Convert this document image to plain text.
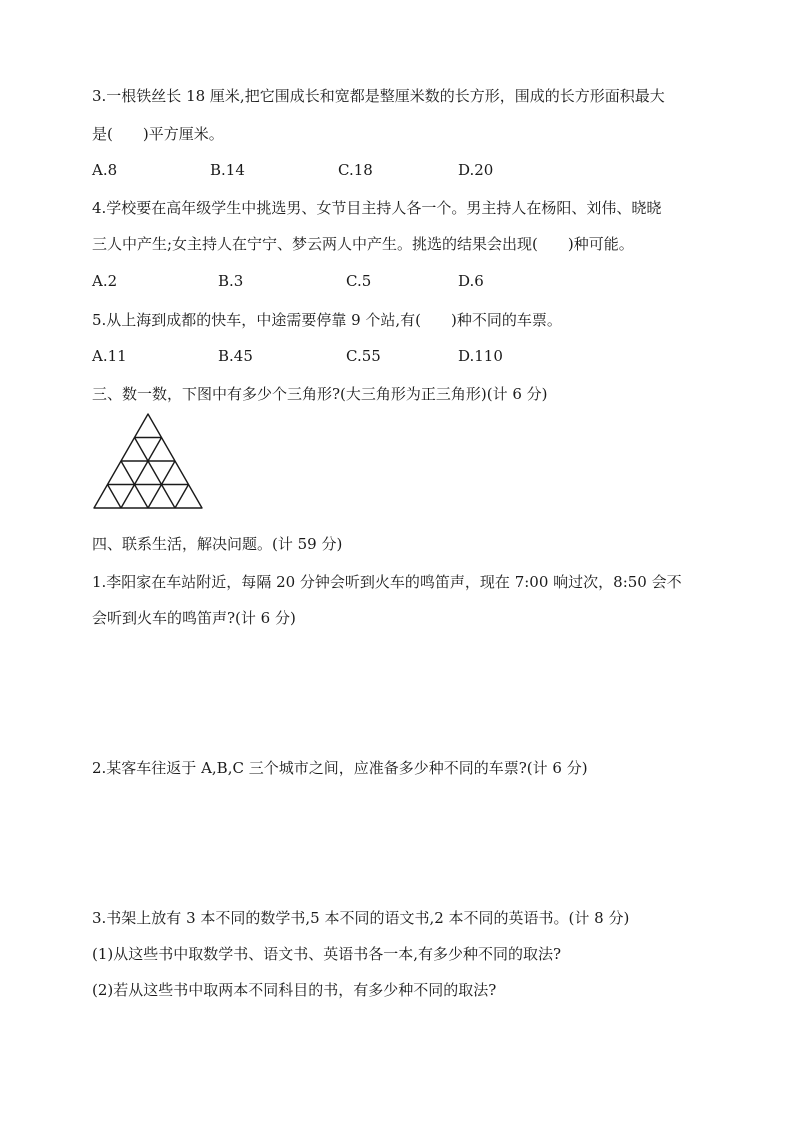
3.一根铁丝长 18 厘米,把它围成长和宽都是整厘米数的长方形，围成的长方形面积最大
是(　　)平方厘米。
A.8	B.14	C.18	D.20
4.学校要在高年级学生中挑选男、女节目主持人各一个。男主持人在杨阳、刘伟、晓晓
三人中产生;女主持人在宁宁、梦云两人中产生。挑选的结果会出现(　　)种可能。
A.2	B.3	C.5	D.6
5.从上海到成都的快车，中途需要停靠 9 个站,有(　　)种不同的车票。
A.11	B.45	C.55	D.110
三、数一数，下图中有多少个三角形?(大三角形为正三角形)(计 6 分)
四、联系生活，解决问题。(计 59 分)
1.李阳家在车站附近，每隔 20 分钟会听到火车的鸣笛声，现在 7:00 响过次，8:50 会不
会听到火车的鸣笛声?(计 6 分)
2.某客车往返于 A,B,C 三个城市之间，应准备多少种不同的车票?(计 6 分)
3.书架上放有 3 本不同的数学书,5 本不同的语文书,2 本不同的英语书。(计 8 分)
(1)从这些书中取数学书、语文书、英语书各一本,有多少种不同的取法?
(2)若从这些书中取两本不同科目的书，有多少种不同的取法?
